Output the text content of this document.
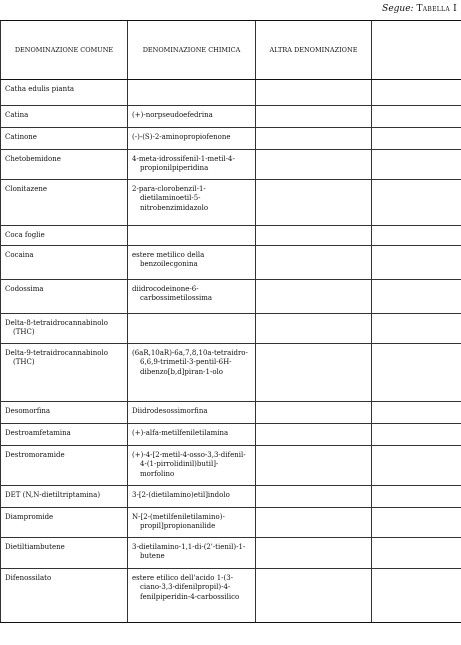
Segue: Tabella I
DENOMINAZIONE COMUNE	DENOMINAZIONE CHIMICA	ALTRA DENOMINAZIONE	

Catha edulis pianta			

Catina	(+)-norpseudoefedrina		

Catinone	(-)-(S)-2-aminopropiofenone		

Chetobemidone	4-meta-idrossifenil-1-metil-4-propionilpiperidina		

Clonitazene	2-para-clorobenzil-1-dietilaminoetil-5-nitrobenzimidazolo		

Coca foglie			

Cocaina	estere metilico della benzoilecgonina		

Codossima	diidrocodeinone-6-carbossimetilossima		

Delta-8-tetraidrocannabinolo (THC)			

Delta-9-tetraidrocannabinolo (THC)	(6aR,10aR)-6a,7,8,10a-tetraidro-6,6,9-trimetil-3-pentil-6H-dibenzo[b,d]piran-1-olo		

Desomorfina	Diidrodesossimorfina		

Destroamfetamina	(+)-alfa-metilfeniletilamina		

Destromoramide	(+)-4-[2-metil-4-osso-3,3-difenil-4-(1-pirrolidinil)butil]-morfolino		

DET (N,N-dietiltriptamina)	3-[2-(dietilamino)etil]indolo		

Diampromide	N-[2-(metilfeniletilamino)-propil]propionanilide		

Dietiltiambutene	3-dietilamino-1,1-di-(2'-tienil)-1-butene		

Difenossilato	estere etilico dell'acido 1-(3-ciano-3,3-difenilpropil)-4-fenilpiperidin-4-carbossilico		
